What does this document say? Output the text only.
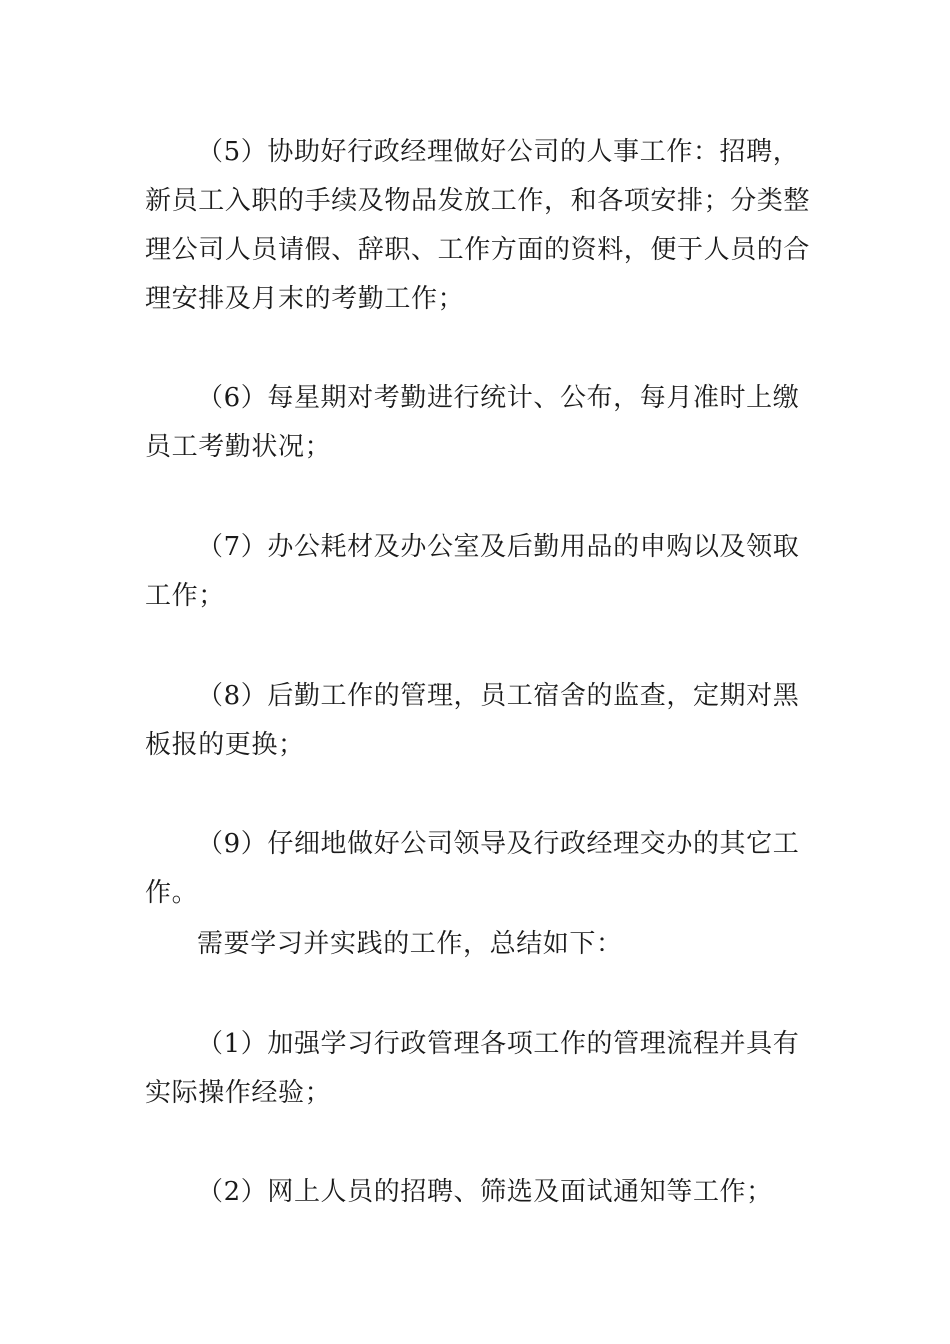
（5）协助好行政经理做好公司的人事工作：招聘，新员工入职的手续及物品发放工作，和各项安排；分类整理公司人员请假、辞职、工作方面的资料，便于人员的合理安排及月末的考勤工作；

（6）每星期对考勤进行统计、公布，每月准时上缴员工考勤状况；

（7）办公耗材及办公室及后勤用品的申购以及领取工作；

（8）后勤工作的管理，员工宿舍的监查，定期对黑板报的更换；

（9）仔细地做好公司领导及行政经理交办的其它工作。

需要学习并实践的工作，总结如下：

（1）加强学习行政管理各项工作的管理流程并具有实际操作经验；

（2）网上人员的招聘、筛选及面试通知等工作；
